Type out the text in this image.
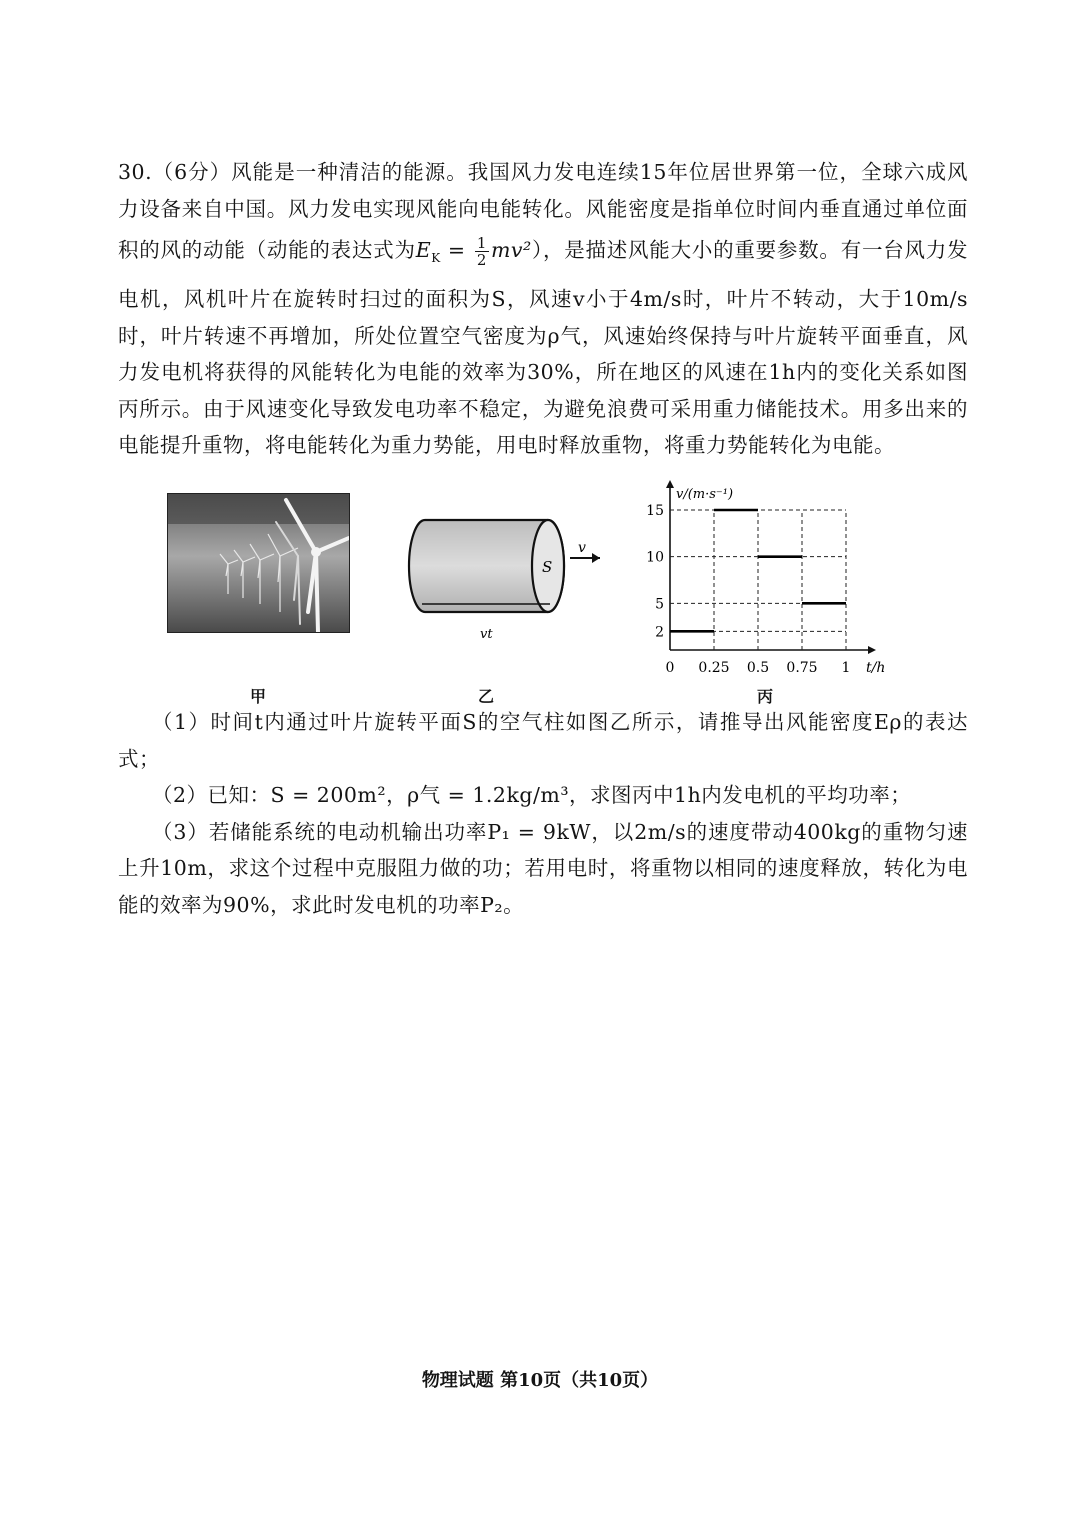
30.（6分）风能是一种清洁的能源。我国风力发电连续15年位居世界第一位，全球六成风力设备来自中国。风力发电实现风能向电能转化。风能密度是指单位时间内垂直通过单位面积的风的动能（动能的表达式为$E_K = \frac{1}{2} mv^2$），是描述风能大小的重要参数。有一台风力发电机，风机叶片在旋转时扫过的面积为S，风速v小于4m/s时，叶片不转动，大于10m/s时，叶片转速不再增加，所处位置空气密度为ρ气，风速始终保持与叶片旋转平面垂直，风力发电机将获得的风能转化为电能的效率为30%，所在地区的风速在1h内的变化关系如图丙所示。由于风速变化导致发电功率不稳定，为避免浪费可采用重力储能技术。用多出来的电能提升重物，将电能转化为重力势能，用电时释放重物，将重力势能转化为电能。
S
v
vt	2
5
10
15
0 0.25 0.5 0.75 1
v/(m·s⁻¹)
t/h
甲	乙	丙
（1）时间t内通过叶片旋转平面S的空气柱如图乙所示，请推导出风能密度Eρ的表达式；
（2）已知：S = 200m²，ρ气 = 1.2kg/m³，求图丙中1h内发电机的平均功率；
（3）若储能系统的电动机输出功率P₁ = 9kW，以2m/s的速度带动400kg的重物匀速上升10m，求这个过程中克服阻力做的功；若用电时，将重物以相同的速度释放，转化为电能的效率为90%，求此时发电机的功率P₂。
物理试题 第10页（共10页）
